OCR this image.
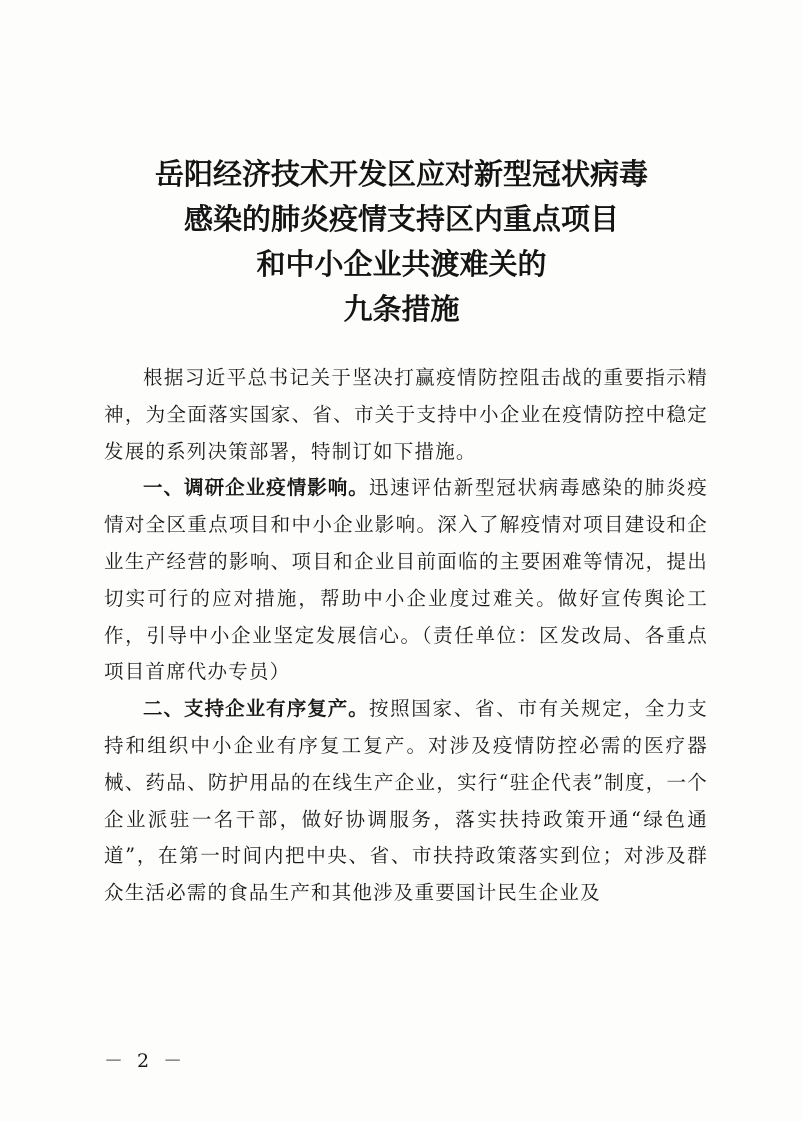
岳阳经济技术开发区应对新型冠状病毒
感染的肺炎疫情支持区内重点项目
和中小企业共渡难关的
九条措施

根据习近平总书记关于坚决打赢疫情防控阻击战的重要指示精神，为全面落实国家、省、市关于支持中小企业在疫情防控中稳定发展的系列决策部署，特制订如下措施。

一、调研企业疫情影响。迅速评估新型冠状病毒感染的肺炎疫情对全区重点项目和中小企业影响。深入了解疫情对项目建设和企业生产经营的影响、项目和企业目前面临的主要困难等情况，提出切实可行的应对措施，帮助中小企业度过难关。做好宣传舆论工作，引导中小企业坚定发展信心。（责任单位：区发改局、各重点项目首席代办专员）

二、支持企业有序复产。按照国家、省、市有关规定，全力支持和组织中小企业有序复工复产。对涉及疫情防控必需的医疗器械、药品、防护用品的在线生产企业，实行“驻企代表”制度，一个企业派驻一名干部，做好协调服务，落实扶持政策开通“绿色通道”，在第一时间内把中央、省、市扶持政策落实到位；对涉及群众生活必需的食品生产和其他涉及重要国计民生企业及

－ 2 －
